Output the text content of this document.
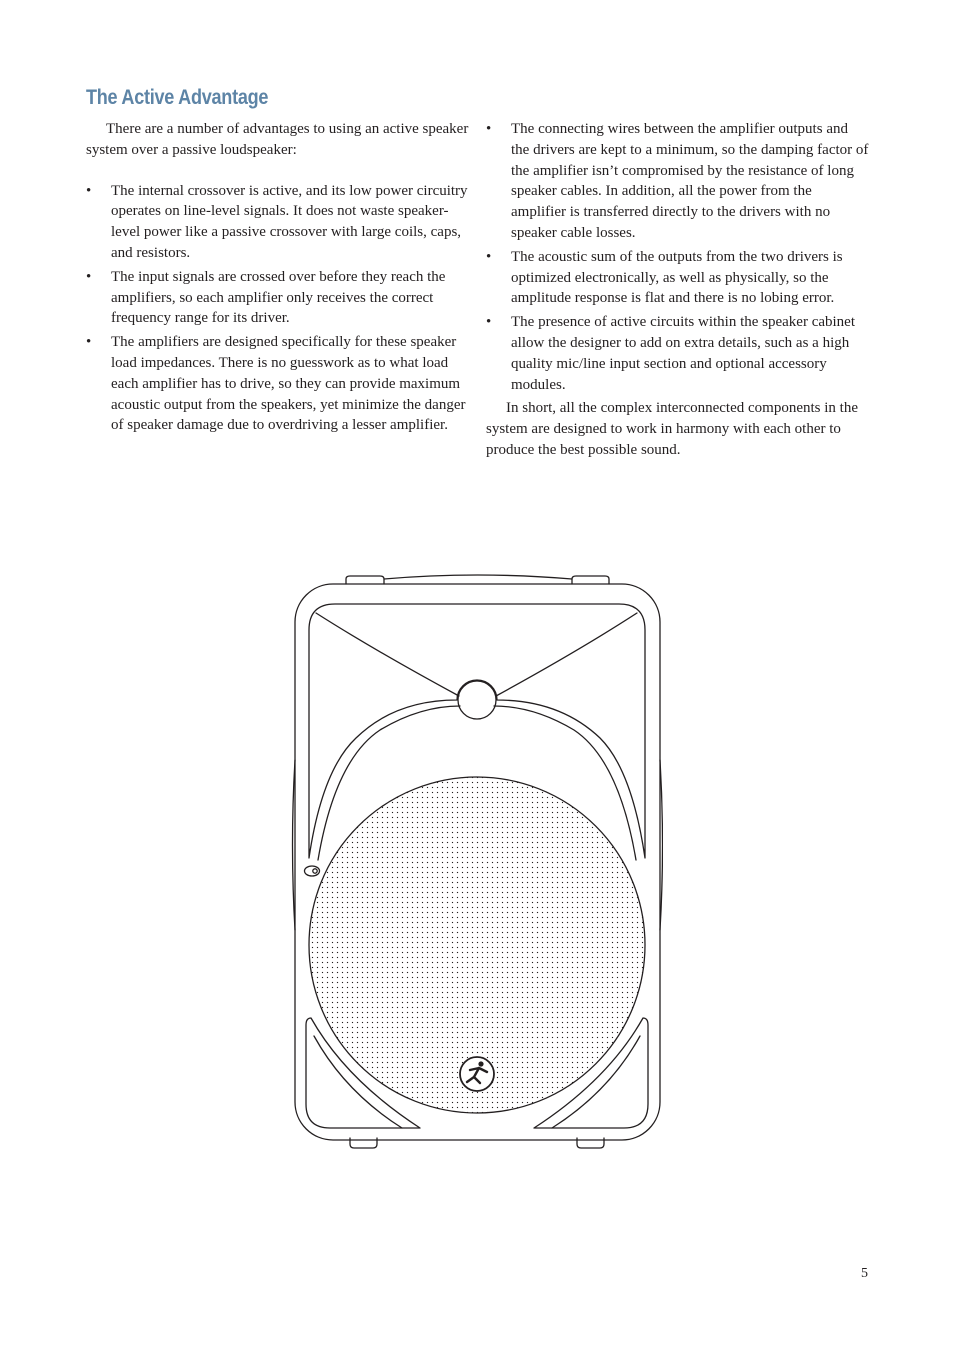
The Active Advantage

There are a number of advantages to using an active speaker system over a passive loudspeaker:

• The internal crossover is active, and its low power circuitry operates on line-level signals. It does not waste speaker-level power like a passive crossover with large coils, caps, and resistors.
• The input signals are crossed over before they reach the amplifiers, so each amplifier only receives the correct frequency range for its driver.
• The amplifiers are designed specifically for these speaker load impedances. There is no guesswork as to what load each amplifier has to drive, so they can provide maximum acoustic output from the speakers, yet minimize the danger of speaker damage due to overdriving a lesser amplifier.
• The connecting wires between the amplifier outputs and the drivers are kept to a minimum, so the damping factor of the amplifier isn’t compromised by the resistance of long speaker cables. In addition, all the power from the amplifier is transferred directly to the drivers with no speaker cable losses.
• The acoustic sum of the outputs from the two drivers is optimized electronically, as well as physically, so the amplitude response is flat and there is no lobing error.
• The presence of active circuits within the speaker cabinet allow the designer to add on extra details, such as a high quality mic/line input section and optional accessory modules.

In short, all the complex interconnected components in the system are designed to work in harmony with each other to produce the best possible sound.

5
